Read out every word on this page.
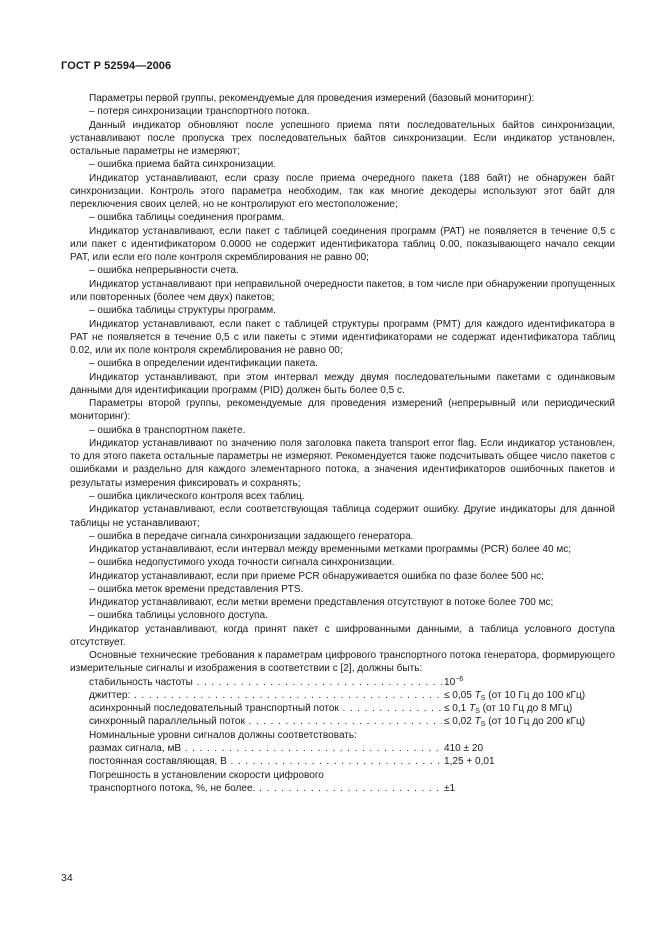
ГОСТ Р 52594—2006

Параметры первой группы, рекомендуемые для проведения измерений (базовый мониторинг):

– потеря синхронизации транспортного потока.

Данный индикатор обновляют после успешного приема пяти последовательных байтов синхронизации, устанавливают после пропуска трех последовательных байтов синхронизации. Если индикатор установлен, остальные параметры не измеряют;

– ошибка приема байта синхронизации.

Индикатор устанавливают, если сразу после приема очередного пакета (188 байт) не обнаружен байт синхронизации. Контроль этого параметра необходим, так как многие декодеры используют этот байт для переключения своих целей, но не контролируют его местоположение;

– ошибка таблицы соединения программ.

Индикатор устанавливают, если пакет с таблицей соединения программ (PAT) не появляется в течение 0,5 с или пакет с идентификатором 0.0000 не содержит идентификатора таблиц 0.00, показывающего начало секции PAT, или если его поле контроля скремблирования не равно 00;

– ошибка непрерывности счета.

Индикатор устанавливают при неправильной очередности пакетов, в том числе при обнаружении пропущенных или повторенных (более чем двух) пакетов;

– ошибка таблицы структуры программ.

Индикатор устанавливают, если пакет с таблицей структуры программ (PMT) для каждого идентификатора в PAT не появляется в течение 0,5 с или пакеты с этими идентификаторами не содержат идентификатора таблиц 0.02, или их поле контроля скремблирования не равно 00;

– ошибка в определении идентификации пакета.

Индикатор устанавливают, при этом интервал между двумя последовательными пакетами с одинаковым данными для идентификации программ (PID) должен быть более 0,5 с.

Параметры второй группы, рекомендуемые для проведения измерений (непрерывный или периодический мониторинг):

– ошибка в транспортном пакете.

Индикатор устанавливают по значению поля заголовка пакета transport error flag. Если индикатор установлен, то для этого пакета остальные параметры не измеряют. Рекомендуется также подсчитывать общее число пакетов с ошибками и раздельно для каждого элементарного потока, а значения идентификаторов ошибочных пакетов и результаты измерения фиксировать и сохранять;

– ошибка циклического контроля всех таблиц.

Индикатор устанавливают, если соответствующая таблица содержит ошибку. Другие индикаторы для данной таблицы не устанавливают;

– ошибка в передаче сигнала синхронизации задающего генератора.

Индикатор устанавливают, если интервал между временными метками программы (PCR) более 40 мс;

– ошибка недопустимого ухода точности сигнала синхронизации.

Индикатор устанавливают, если при приеме PCR обнаруживается ошибка по фазе более 500 нс;

– ошибка меток времени представления PTS.

Индикатор устанавливают, если метки времени представления отсутствуют в потоке более 700 мс;

– ошибка таблицы условного доступа.

Индикатор устанавливают, когда принят пакет с шифрованными данными, а таблица условного доступа отсутствует.

Основные технические требования к параметрам цифрового транспортного потока генератора, формирующего измерительные сигналы и изображения в соответствии с [2], должны быть:

стабильность частоты . . .	$10^{-6}$
джиттер: . . .	≤ 0,05 $T_S$ (от 10 Гц до 100 кГц)
асинхронный последовательный транспортный поток . . .	≤ 0,1 $T_S$ (от 10 Гц до 8 МГц)
синхронный параллельный поток . . .	≤ 0,02 $T_S$ (от 10 Гц до 200 кГц)
Номинальные уровни сигналов должны соответствовать:
размах сигнала, мВ . . .	410 ± 20
постоянная составляющая, В . . .	1,25 + 0,01
Погрешность в установлении скорости цифрового
транспортного потока, %, не более. . . .	±1
34
